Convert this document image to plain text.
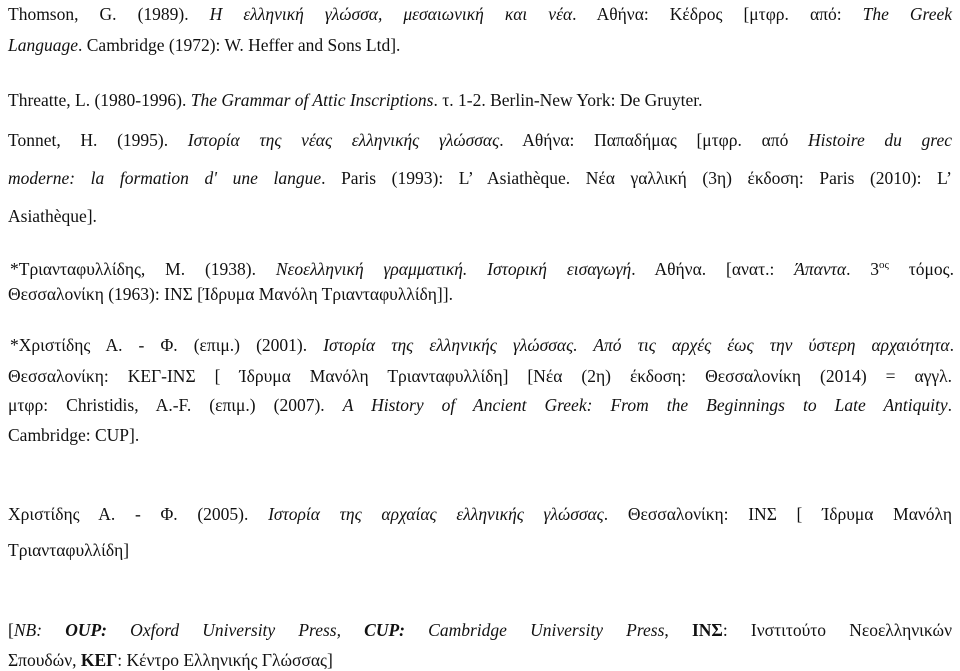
Thomson, G. (1989). Η ελληνική γλώσσα, μεσαιωνική και νέα. Αθήνα: Κέδρος [μτφρ. από: The Greek
Language. Cambridge (1972): W. Heffer and Sons Ltd].
Threatte, L. (1980-1996). The Grammar of Attic Inscriptions. τ. 1-2. Berlin-New York: De Gruyter.
Tonnet, H. (1995). Ιστορία της νέας ελληνικής γλώσσας. Αθήνα: Παπαδήμας [μτφρ. από Histoire du grec
moderne: la formation d' une langue. Paris (1993): L’ Asiathèque. Νέα γαλλική (3η) έκδοση: Paris (2010): L’
Asiathèque].
*Τριανταφυλλίδης, Μ. (1938). Νεοελληνική γραμματική. Ιστορική εισαγωγή. Αθήνα. [ανατ.: Άπαντα. $3^{o\varsigma}$ τόμος.
Θεσσαλονίκη (1963): ΙΝΣ [Ίδρυμα Μανόλη Τριανταφυλλίδη]].
*Χριστίδης Α. - Φ. (επιμ.) (2001). Ιστορία της ελληνικής γλώσσας. Από τις αρχές έως την ύστερη αρχαιότητα.
Θεσσαλονίκη: ΚΕΓ-ΙΝΣ [ Ίδρυμα Μανόλη Τριανταφυλλίδη] [Νέα (2η) έκδοση: Θεσσαλονίκη (2014) = αγγλ.
μτφρ: Christidis, A.-F. (επιμ.) (2007). A History of Ancient Greek: From the Beginnings to Late Antiquity.
Cambridge: CUP].
Χριστίδης Α. - Φ. (2005). Ιστορία της αρχαίας ελληνικής γλώσσας. Θεσσαλονίκη: ΙΝΣ [ Ίδρυμα Μανόλη
Τριανταφυλλίδη]
[NB: OUP: Oxford University Press, CUP: Cambridge University Press, ΙΝΣ: Ινστιτούτο Νεοελληνικών
Σπουδών, ΚΕΓ: Κέντρο Ελληνικής Γλώσσας]
